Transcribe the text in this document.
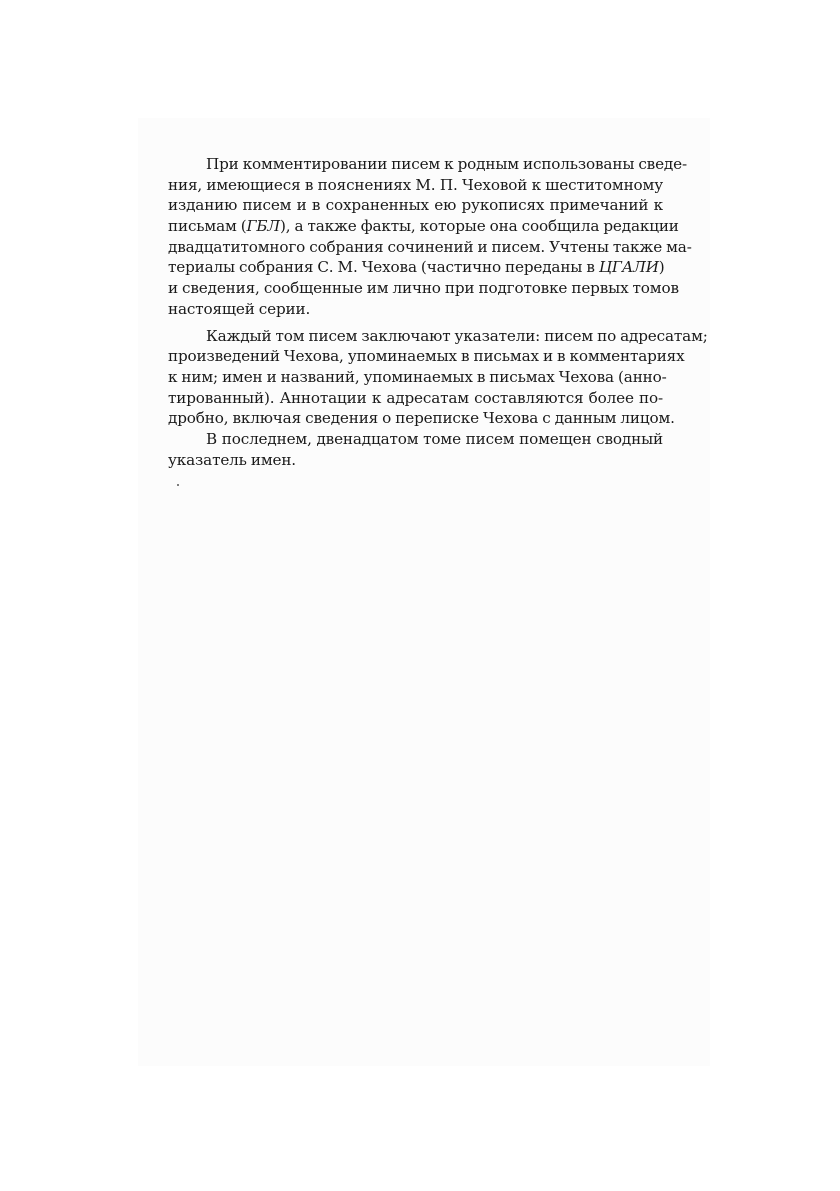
При комментировании писем к родным использованы сведе-
ния, имеющиеся в пояснениях М. П. Чеховой к шеститомному
изданию писем и в сохраненных ею рукописях примечаний к
письмам (ГБЛ), а также факты, которые она сообщила редакции
двадцатитомного собрания сочинений и писем. Учтены также ма-
териалы собрания С. М. Чехова (частично переданы в ЦГАЛИ)
и сведения, сообщенные им лично при подготовке первых томов
настоящей серии.
Каждый том писем заключают указатели: писем по адресатам;
произведений Чехова, упоминаемых в письмах и в комментариях
к ним; имен и названий, упоминаемых в письмах Чехова (анно-
тированный). Аннотации к адресатам составляются более по-
дробно, включая сведения о переписке Чехова с данным лицом.
В последнем, двенадцатом томе писем помещен сводный
указатель имен.
